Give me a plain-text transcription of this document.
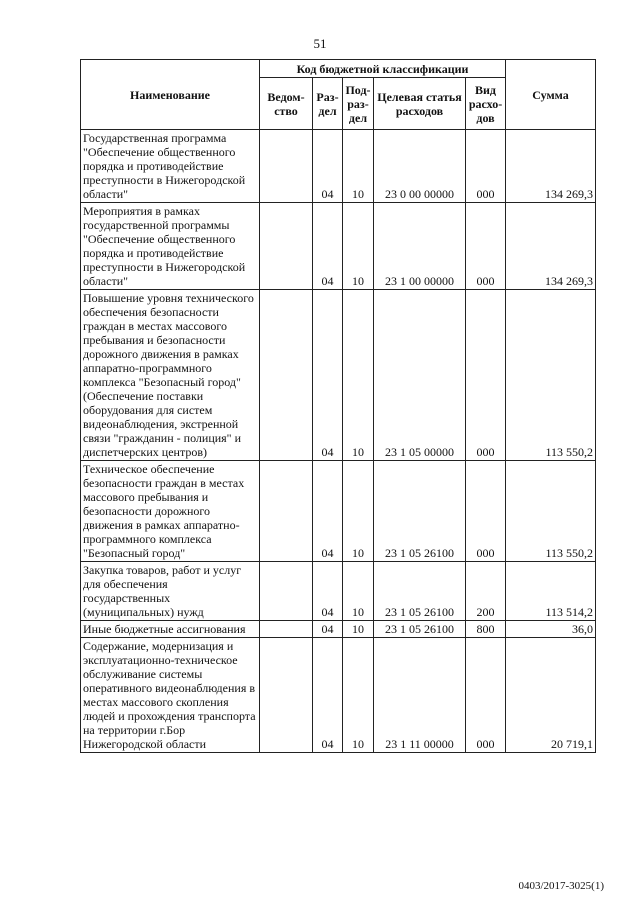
51
Наименование	Код бюджетной классификации					Сумма
	Ведом-ство	Раз-дел	Под-раз-дел	Целевая статья расходов	Вид расхо-дов	

Государственная программа "Обеспечение общественного порядка и противодействие преступности в Нижегородской области"		04	10	23 0 00 00000	000	134 269,3

Мероприятия в рамках государственной программы "Обеспечение общественного порядка и противодействие преступности в Нижегородской области"		04	10	23 1 00 00000	000	134 269,3

Повышение уровня технического обеспечения безопасности граждан в местах массового пребывания и безопасности дорожного движения в рамках аппаратно-программного комплекса "Безопасный город" (Обеспечение поставки оборудования для систем видеонаблюдения, экстренной связи "гражданин - полиция" и диспетчерских центров)		04	10	23 1 05 00000	000	113 550,2

Техническое обеспечение безопасности граждан в местах массового пребывания и безопасности дорожного движения в рамках аппаратно-программного комплекса "Безопасный город"		04	10	23 1 05 26100	000	113 550,2

Закупка товаров, работ и услуг для обеспечения государственных (муниципальных) нужд		04	10	23 1 05 26100	200	113 514,2

Иные бюджетные ассигнования		04	10	23 1 05 26100	800	36,0

Содержание, модернизация и эксплуатационно-техническое обслуживание системы оперативного видеонаблюдения в местах массового скопления людей и прохождения транспорта на территории г.Бор Нижегородской области		04	10	23 1 11 00000	000	20 719,1
0403/2017-3025(1)
